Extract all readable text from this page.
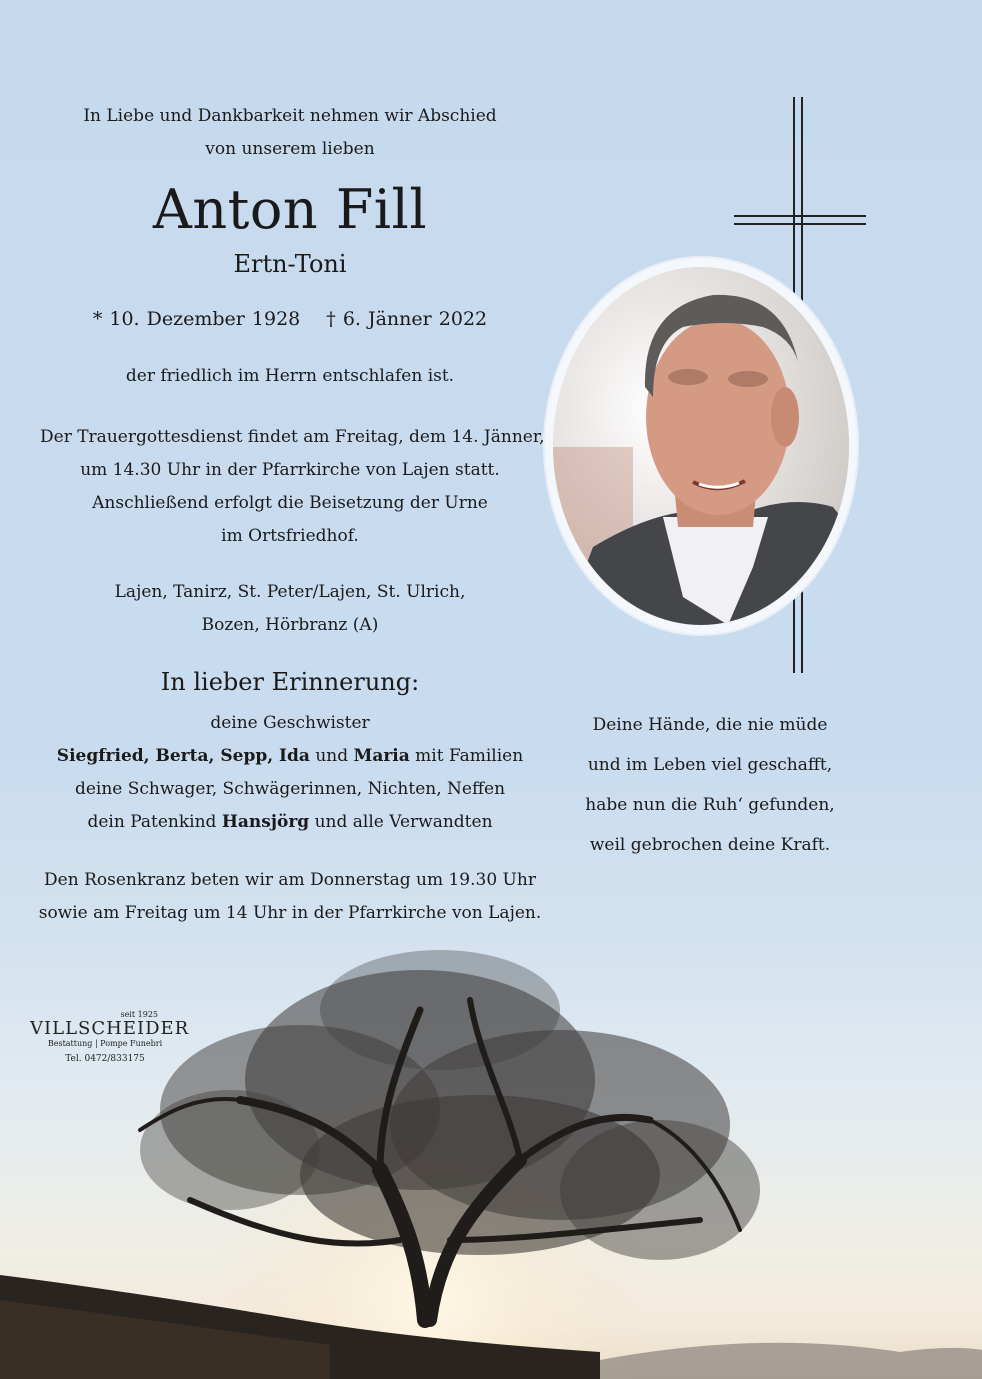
In Liebe und Dankbarkeit nehmen wir Abschied
von unserem lieben
Anton Fill
Ertn-Toni
* 10. Dezember 1928 † 6. Jänner 2022
der friedlich im Herrn entschlafen ist.
Der Trauergottesdienst findet am Freitag, dem 14. Jänner,
um 14.30 Uhr in der Pfarrkirche von Lajen statt.
Anschließend erfolgt die Beisetzung der Urne
im Ortsfriedhof.
Lajen, Tanirz, St. Peter/Lajen, St. Ulrich,
Bozen, Hörbranz (A)
In lieber Erinnerung:
deine Geschwister
Siegfried, Berta, Sepp, Ida und Maria mit Familien
deine Schwager, Schwägerinnen, Nichten, Neffen
dein Patenkind Hansjörg und alle Verwandten
Den Rosenkranz beten wir am Donnerstag um 19.30 Uhr
sowie am Freitag um 14 Uhr in der Pfarrkirche von Lajen.
Deine Hände, die nie müde
und im Leben viel geschafft,
habe nun die Ruh‘ gefunden,
weil gebrochen deine Kraft.
seit 1925
VILLSCHEIDER
Bestattung | Pompe Funebri
Tel. 0472/833175
